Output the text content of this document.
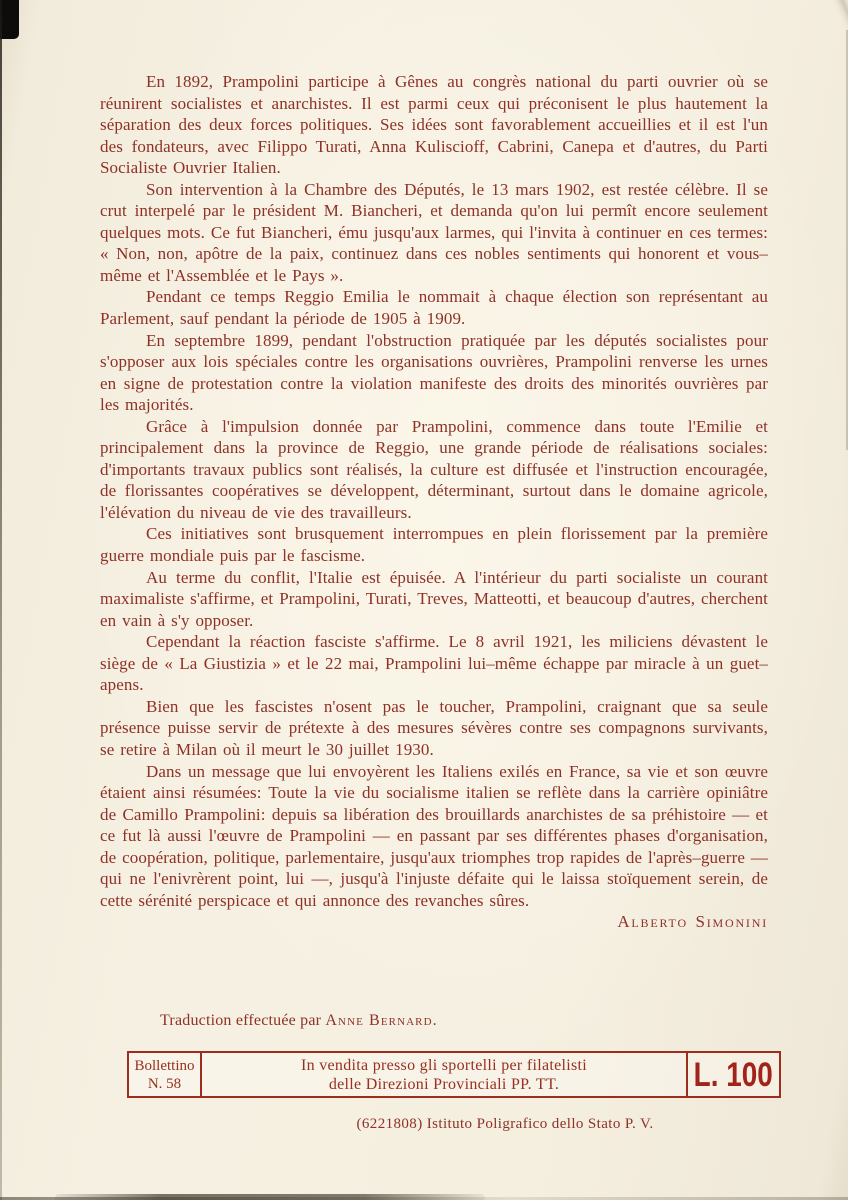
En 1892, Prampolini participe à Gênes au congrès national du parti ouvrier où se réunirent socialistes et anarchistes. Il est parmi ceux qui préconisent le plus hautement la séparation des deux forces politiques. Ses idées sont favorablement accueillies et il est l'un des fondateurs, avec Filippo Turati, Anna Kuliscioff, Cabrini, Canepa et d'autres, du Parti Socialiste Ouvrier Italien.

Son intervention à la Chambre des Députés, le 13 mars 1902, est restée célèbre. Il se crut interpelé par le président M. Biancheri, et demanda qu'on lui permît encore seulement quelques mots. Ce fut Biancheri, ému jusqu'aux larmes, qui l'invita à continuer en ces termes: « Non, non, apôtre de la paix, continuez dans ces nobles sentiments qui honorent et vous–même et l'Assemblée et le Pays ».

Pendant ce temps Reggio Emilia le nommait à chaque élection son représentant au Parlement, sauf pendant la période de 1905 à 1909.

En septembre 1899, pendant l'obstruction pratiquée par les députés socialistes pour s'opposer aux lois spéciales contre les organisations ouvrières, Prampolini renverse les urnes en signe de protestation contre la violation manifeste des droits des minorités ouvrières par les majorités.

Grâce à l'impulsion donnée par Prampolini, commence dans toute l'Emilie et principalement dans la province de Reggio, une grande période de réalisations sociales: d'importants travaux publics sont réalisés, la culture est diffusée et l'instruction encouragée, de florissantes coopératives se développent, déterminant, surtout dans le domaine agricole, l'élévation du niveau de vie des travailleurs.

Ces initiatives sont brusquement interrompues en plein florissement par la première guerre mondiale puis par le fascisme.

Au terme du conflit, l'Italie est épuisée. A l'intérieur du parti socialiste un courant maximaliste s'affirme, et Prampolini, Turati, Treves, Matteotti, et beaucoup d'autres, cherchent en vain à s'y opposer.

Cependant la réaction fasciste s'affirme. Le 8 avril 1921, les miliciens dévastent le siège de « La Giustizia » et le 22 mai, Prampolini lui–même échappe par miracle à un guet–apens.

Bien que les fascistes n'osent pas le toucher, Prampolini, craignant que sa seule présence puisse servir de prétexte à des mesures sévères contre ses compagnons survivants, se retire à Milan où il meurt le 30 juillet 1930.

Dans un message que lui envoyèrent les Italiens exilés en France, sa vie et son œuvre étaient ainsi résumées: Toute la vie du socialisme italien se reflète dans la carrière opiniâtre de Camillo Prampolini: depuis sa libération des brouillards anarchistes de sa préhistoire — et ce fut là aussi l'œuvre de Prampolini — en passant par ses différentes phases d'organisation, de coopération, politique, parlementaire, jusqu'aux triomphes trop rapides de l'après–guerre — qui ne l'enivrèrent point, lui —, jusqu'à l'injuste défaite qui le laissa stoïquement serein, de cette sérénité perspicace et qui annonce des revanches sûres.

Alberto Simonini

Traduction effectuée par Anne Bernard.
Bollettino
N. 58
In vendita presso gli sportelli per filatelisti
delle Direzioni Provinciali PP. TT.	L. 100
(6221808) Istituto Poligrafico dello Stato P. V.
